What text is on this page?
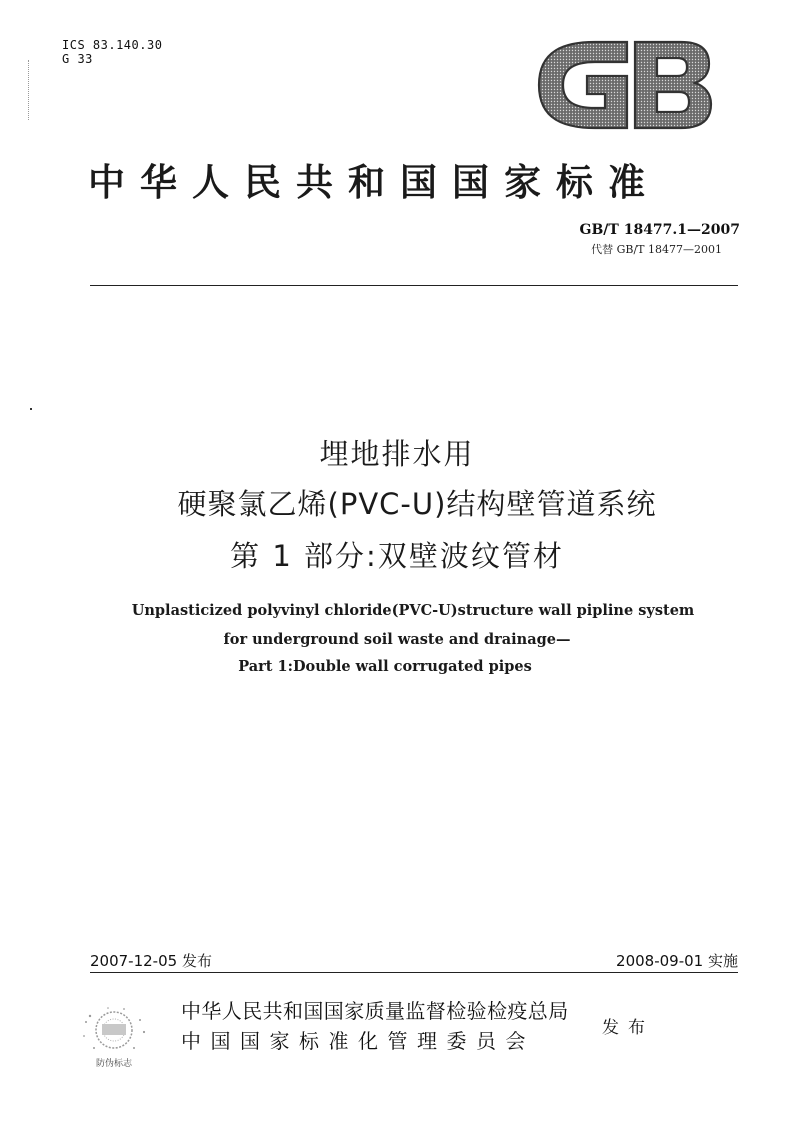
ICS 83.140.30
G 33
中华人民共和国国家标准
GB/T 18477.1—2007
代替 GB/T 18477—2001
埋地排水用
硬聚氯乙烯(PVC-U)结构壁管道系统
第 1 部分:双壁波纹管材
Unplasticized polyvinyl chloride(PVC-U)structure wall pipline system
for underground soil waste and drainage—
Part 1:Double wall corrugated pipes
2007-12-05 发布	2008-09-01 实施
防伪标志
中华人民共和国国家质量监督检验检疫总局
中国国家标准化管理委员会
发布
